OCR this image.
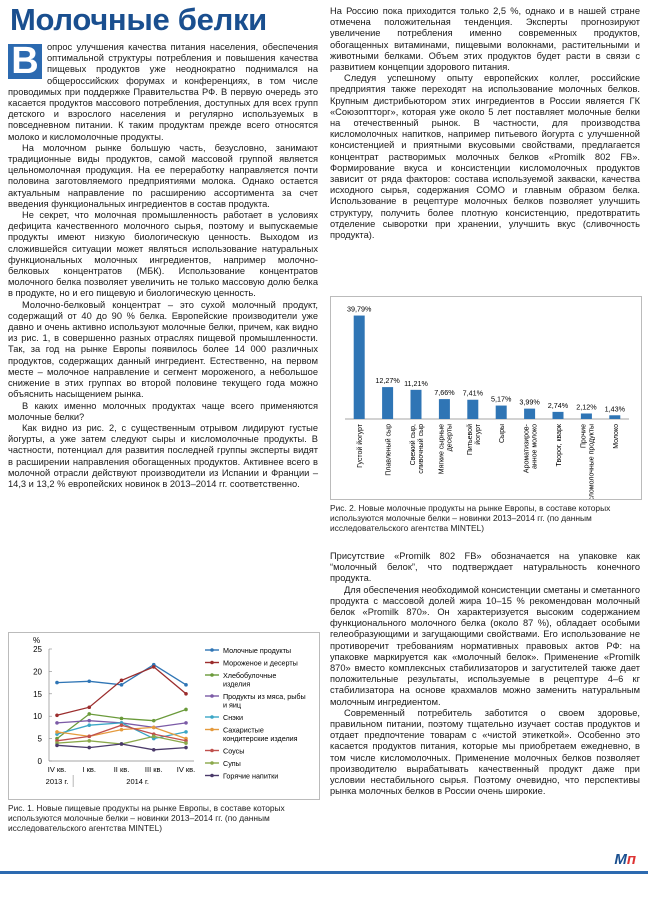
Молочные белки

В опрос улучшения качества питания населения, обеспечения оптимальной структуры потребления и повышения качества пищевых продуктов уже неоднократно поднимался на общероссийских форумах и конференциях, в том числе проводимых при поддержке Правительства РФ. В первую очередь это касается продуктов массового потребления, доступных для всех групп детского и взрослого населения и регулярно используемых в повседневном питании. К таким продуктам прежде всего относятся молоко и кисломолочные продукты.

На молочном рынке большую часть, безусловно, занимают традиционные виды продуктов, самой массовой группой является цельномолочная продукция. На ее переработку направляется почти половина заготовляемого предприятиями молока. Однако остается актуальным направление по расширению ассортимента за счет введения функциональных ингредиентов в состав продукта.

Не секрет, что молочная промышленность работает в условиях дефицита качественного молочного сырья, поэтому и выпускаемые продукты имеют низкую биологическую ценность. Выходом из сложившейся ситуации может являться использование натуральных функциональных молочных ингредиентов, например молочно-белковых концентратов (МБК). Использование концентратов молочного белка позволяет увеличить не только массовую долю белка в продукте, но и его пищевую и биологическую ценность.

Молочно-белковый концентрат – это сухой молочный продукт, содержащий от 40 до 90 % белка. Европейские производители уже давно и очень активно используют молочные белки, причем, как видно из рис. 1, в совершенно разных отраслях пищевой промышленности. Так, за год на рынке Европы появилось более 14 000 различных продуктов, содержащих данный ингредиент. Естественно, на первом месте – молочное направление и сегмент мороженого, а небольшое снижение в этих группах во второй половине текущего года можно объяснить насыщением рынка.

В каких именно молочных продуктах чаще всего применяются молочные белки?

Как видно из рис. 2, с существенным отрывом лидируют густые йогурты, а уже затем следуют сыры и кисломолочные продукты. В частности, потенциал для развития последней группы эксперты видят в расширении направления обогащенных продуктов. Активнее всего в молочной отрасли действуют производители из Испании и Франции – 14,3 и 13,2 % европейских новинок в 2013–2014 гг. соответственно.

На Россию пока приходится только 2,5 %, однако и в нашей стране отмечена положительная тенденция. Эксперты прогнозируют увеличение потребления именно современных продуктов, обогащенных витаминами, пищевыми волокнами, растительными и животными белками. Объем этих продуктов будет расти в связи с развитием концепции здорового питания.

Следуя успешному опыту европейских коллег, российские предприятия также переходят на использование молочных белков. Крупным дистрибьютором этих ингредиентов в России является ГК «Союзоптторг», которая уже около 5 лет поставляет молочные белки на отечественный рынок. В частности, для производства кисломолочных напитков, например питьевого йогурта с улучшенной консистенцией и приятными вкусовыми свойствами, предлагается концентрат растворимых молочных белков «Promilk 802 FB». Формирование вкуса и консистенции кисломолочных продуктов зависит от ряда факторов: состава используемой закваски, качества исходного сырья, содержания СОМО и главным образом белка. Использование в рецептуре молочных белков позволяет улучшить структуру, получить более плотную консистенцию, предотвратить отделение сыворотки при хранении, улучшить вкус (сливочность продукта).

%
0
5
10
15
20
25
IV кв. I кв. II кв. III кв. IV кв.
2013 г.	2014 г.
Молочные продукты
Мороженое и десерты
Хлебобулочные
изделия
Продукты из мяса, рыбы
и яиц
Снэки
Сахаристые
кондитерские изделия
Соусы
Супы
Горячие напитки
Рис. 1. Новые пищевые продукты на рынке Европы, в составе которых используются молочные белки – новинки 2013–2014 гг. (по данным исследовательского агентства MINTEL)
39,79%
Густой йогурт
12,27%
Плавленый сыр
11,21%
Свежий сыр, сливочный сыр
7,66%
Мягкие сырные десерты
7,41%
Питьевой йогурт
5,17%
Сыры
3,99%
Ароматизиров- анное молоко
2,74%
Творог, кварк
2,12%
Прочие кисломолочные продукты
1,43%
Молоко
Рис. 2. Новые молочные продукты на рынке Европы, в составе которых используются молочные белки – новинки 2013–2014 гг. (по данным исследовательского агентства MINTEL)

Присутствие «Promilk 802 FB» обозначается на упаковке как “молочный белок”, что подтверждает натуральность конечного продукта.

Для обеспечения необходимой консистенции сметаны и сметанного продукта с массовой долей жира 10–15 % рекомендован молочный белок «Promilk 870». Он характеризуется высоким содержанием функционального молочного белка (около 87 %), обладает особыми гелеобразующими и загущающими свойствами. Его использование не противоречит требованиям нормативных правовых актов РФ: на упаковке маркируется как «молочный белок». Применение «Promilk 870» вместо комплексных стабилизаторов и загустителей также дает положительные результаты, используемые в рецептуре 4–6 кг стабилизатора на основе крахмалов можно заменить натуральным молочным ингредиентом.

Современный потребитель заботится о своем здоровье, правильном питании, поэтому тщательно изучает состав продуктов и отдает предпочтение товарам с «чистой этикеткой». Особенно это касается продуктов питания, которые мы приобретаем ежедневно, в том числе кисломолочных. Применение молочных белков позволяет производителю вырабатывать качественный продукт даже при условии нестабильного сырья. Поэтому очевидно, что перспективы рынка молочных белков в России очень широкие.

Мп
